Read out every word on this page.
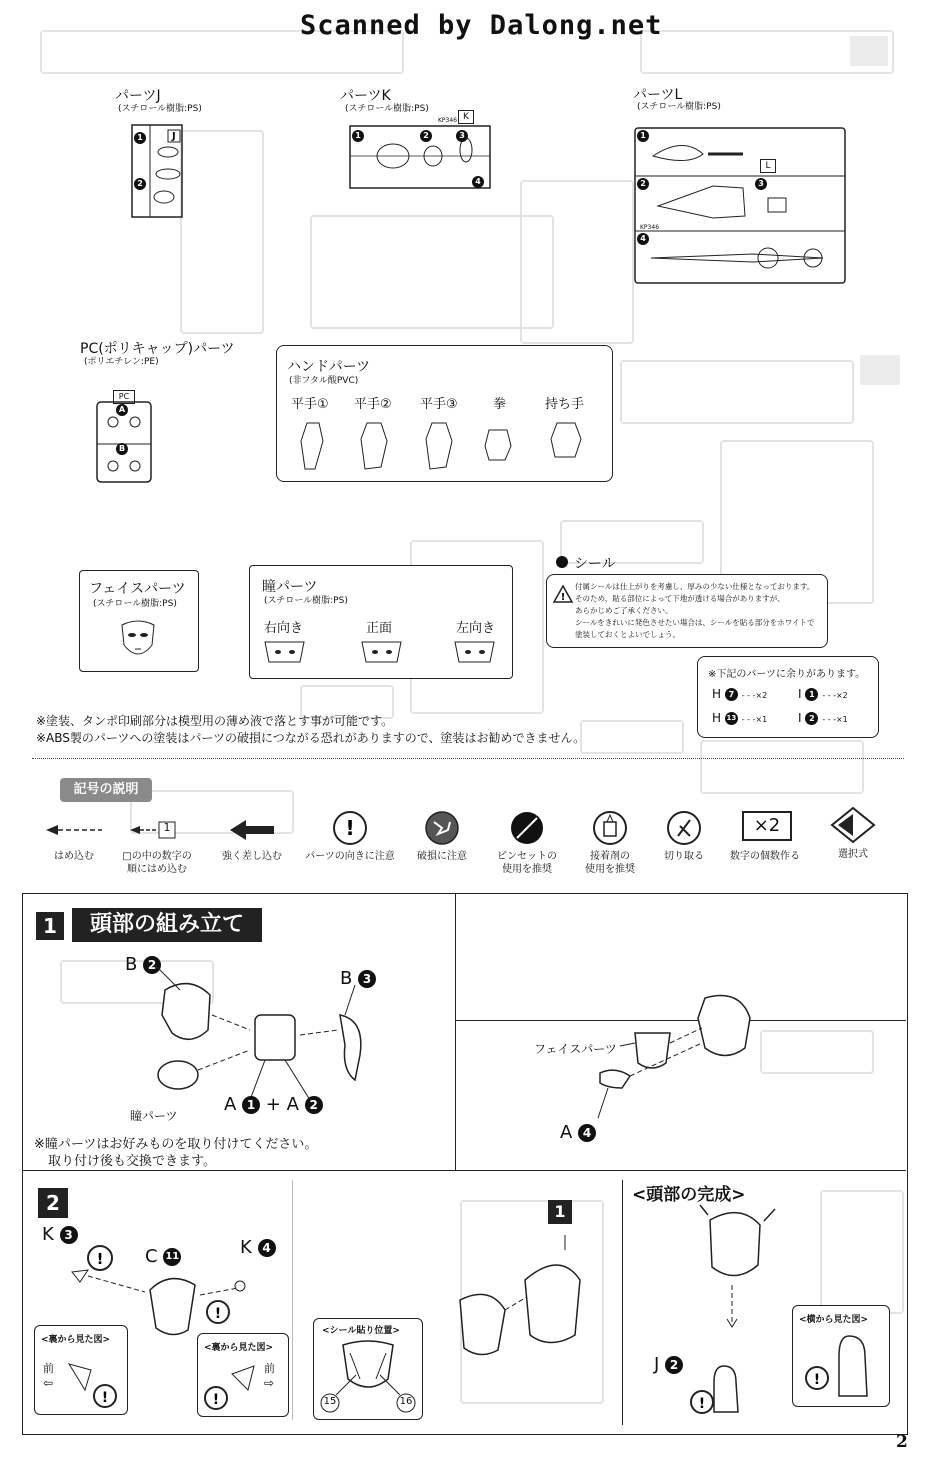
Scanned by Dalong.net
パーツJ
(スチロール樹脂:PS)
J
1
2
パーツK
(スチロール樹脂:PS)
KP346 K
1	2	3
4
パーツL
(スチロール樹脂:PS)
L
KP346
1
2	3
4
PC(ポリキャップ)パーツ
(ポリエチレン:PE)
PC
A
B
ハンドパーツ
(非フタル酸PVC)
平手① 平手② 平手③	拳	持ち手
フェイスパーツ
(スチロール樹脂:PS)
瞳パーツ
(スチロール樹脂:PS)
右向き	正面	左向き
シール
!
付属シールは仕上がりを考慮し、厚みの少ない仕様となっております。
そのため、貼る部位によって下地が透ける場合がありますが、
あらかじめご了承ください。
シールをきれいに発色させたい場合は、シールを貼る部分をホワイトで
塗装しておくとよいでしょう。
※下記のパーツに余りがあります。
H 7 - - -×2	I 1 - - -×2
H 13 - - -×1	I 2 - - -×1
※塗装、タンポ印刷部分は模型用の薄め液で落とす事が可能です。
※ABS製のパーツへの塗装はパーツの破損につながる恐れがありますので、塗装はお勧めできません。
記号の説明
はめ込む
1
□の中の数字の
順にはめ込む
強く差し込む
!
パーツの向きに注意	破損に注意	ピンセットの
使用を推奨
接着剤の
使用を推奨
切り取る
×2
数字の個数作る	選択式
1	頭部の組み立て
B 2
B 3
瞳パーツ
A 1 + A 2
※瞳パーツはお好みものを取り付けてください。
取り付け後も交換できます。
フェイスパーツ
A 4
2
K 3
C 11	K 4
!
!
1
<裏から見た図>
前
⇦
!
<裏から見た図>
前
⇨
!
<シール貼り位置>
15	16
<頭部の完成>
J 2
!
<横から見た図>
!
2
